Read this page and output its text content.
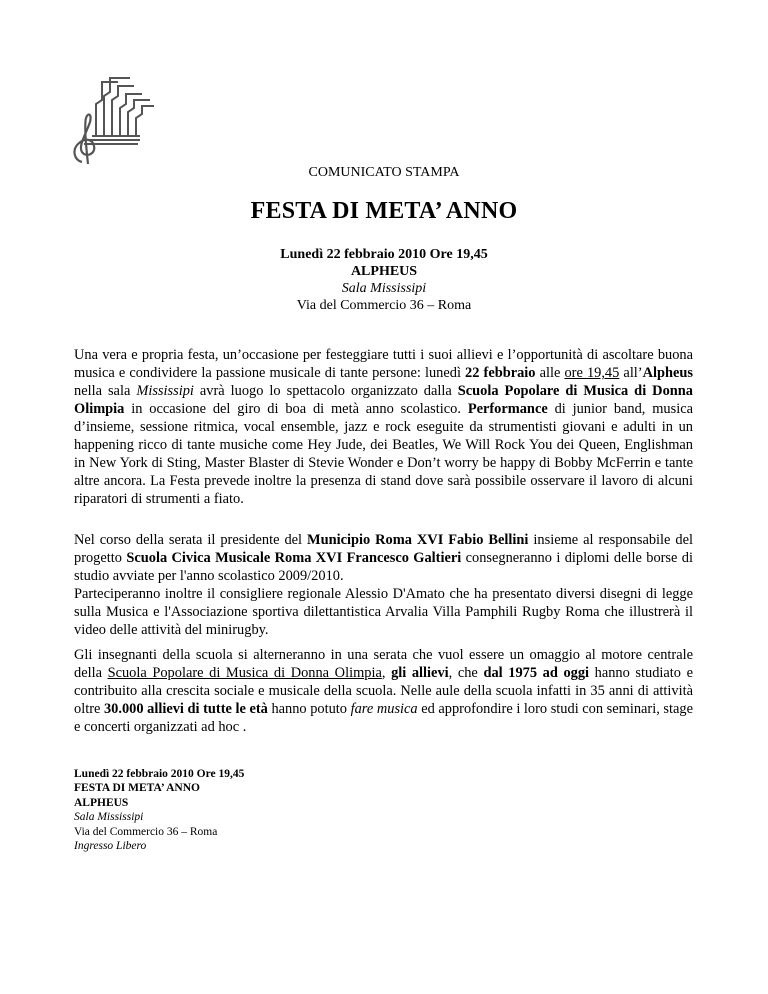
COMUNICATO STAMPA
FESTA DI META’ ANNO
Lunedì 22 febbraio 2010 Ore 19,45
ALPHEUS
Sala Mississipi
Via del Commercio 36 – Roma
Una vera e propria festa, un’occasione per festeggiare tutti i suoi allievi e l’opportunità di ascoltare buona musica e condividere la passione musicale di tante persone: lunedì 22 febbraio alle ore 19,45 all’Alpheus nella sala Mississipi avrà luogo lo spettacolo organizzato dalla Scuola Popolare di Musica di Donna Olimpia in occasione del giro di boa di metà anno scolastico. Performance di junior band, musica d’insieme, sessione ritmica, vocal ensemble, jazz e rock eseguite da strumentisti giovani e adulti in un happening ricco di tante musiche come Hey Jude, dei Beatles, We Will Rock You dei Queen, Englishman in New York di Sting, Master Blaster di Stevie Wonder e Don’t worry be happy di Bobby McFerrin e tante altre ancora. La Festa prevede inoltre la presenza di stand dove sarà possibile osservare il lavoro di alcuni riparatori di strumenti a fiato.
Nel corso della serata il presidente del Municipio Roma XVI Fabio Bellini insieme al responsabile del progetto Scuola Civica Musicale Roma XVI Francesco Galtieri consegneranno i diplomi delle borse di studio avviate per l'anno scolastico 2009/2010.
Parteciperanno inoltre il consigliere regionale Alessio D'Amato che ha presentato diversi disegni di legge sulla Musica e l'Associazione sportiva dilettantistica Arvalia Villa Pamphili Rugby Roma che illustrerà il video delle attività del minirugby.
Gli insegnanti della scuola si alterneranno in una serata che vuol essere un omaggio al motore centrale della Scuola Popolare di Musica di Donna Olimpia, gli allievi, che dal 1975 ad oggi hanno studiato e contribuito alla crescita sociale e musicale della scuola. Nelle aule della scuola infatti in 35 anni di attività oltre 30.000 allievi di tutte le età hanno potuto fare musica ed approfondire i loro studi con seminari, stage e concerti organizzati ad hoc .
Lunedì 22 febbraio 2010 Ore 19,45
FESTA DI META’ ANNO
ALPHEUS
Sala Mississipi
Via del Commercio 36 – Roma
Ingresso Libero
